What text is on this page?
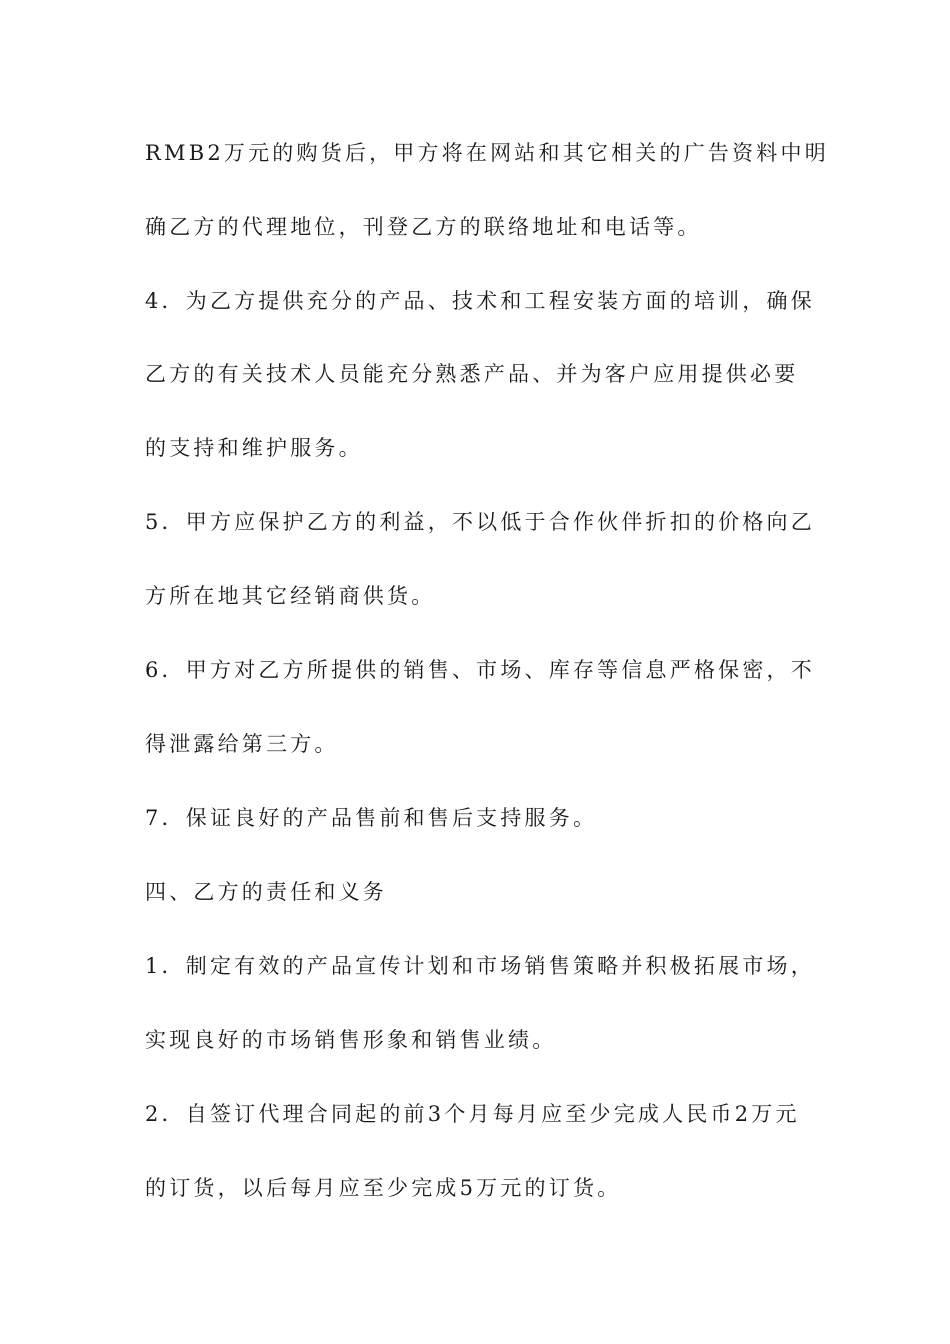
RMB2万元的购货后，甲方将在网站和其它相关的广告资料中明
确乙方的代理地位，刊登乙方的联络地址和电话等。
4．为乙方提供充分的产品、技术和工程安装方面的培训，确保
乙方的有关技术人员能充分熟悉产品、并为客户应用提供必要
的支持和维护服务。
5．甲方应保护乙方的利益，不以低于合作伙伴折扣的价格向乙
方所在地其它经销商供货。
6．甲方对乙方所提供的销售、市场、库存等信息严格保密，不
得泄露给第三方。
7．保证良好的产品售前和售后支持服务。
四、乙方的责任和义务
1．制定有效的产品宣传计划和市场销售策略并积极拓展市场，
实现良好的市场销售形象和销售业绩。
2．自签订代理合同起的前3个月每月应至少完成人民币2万元
的订货，以后每月应至少完成5万元的订货。
